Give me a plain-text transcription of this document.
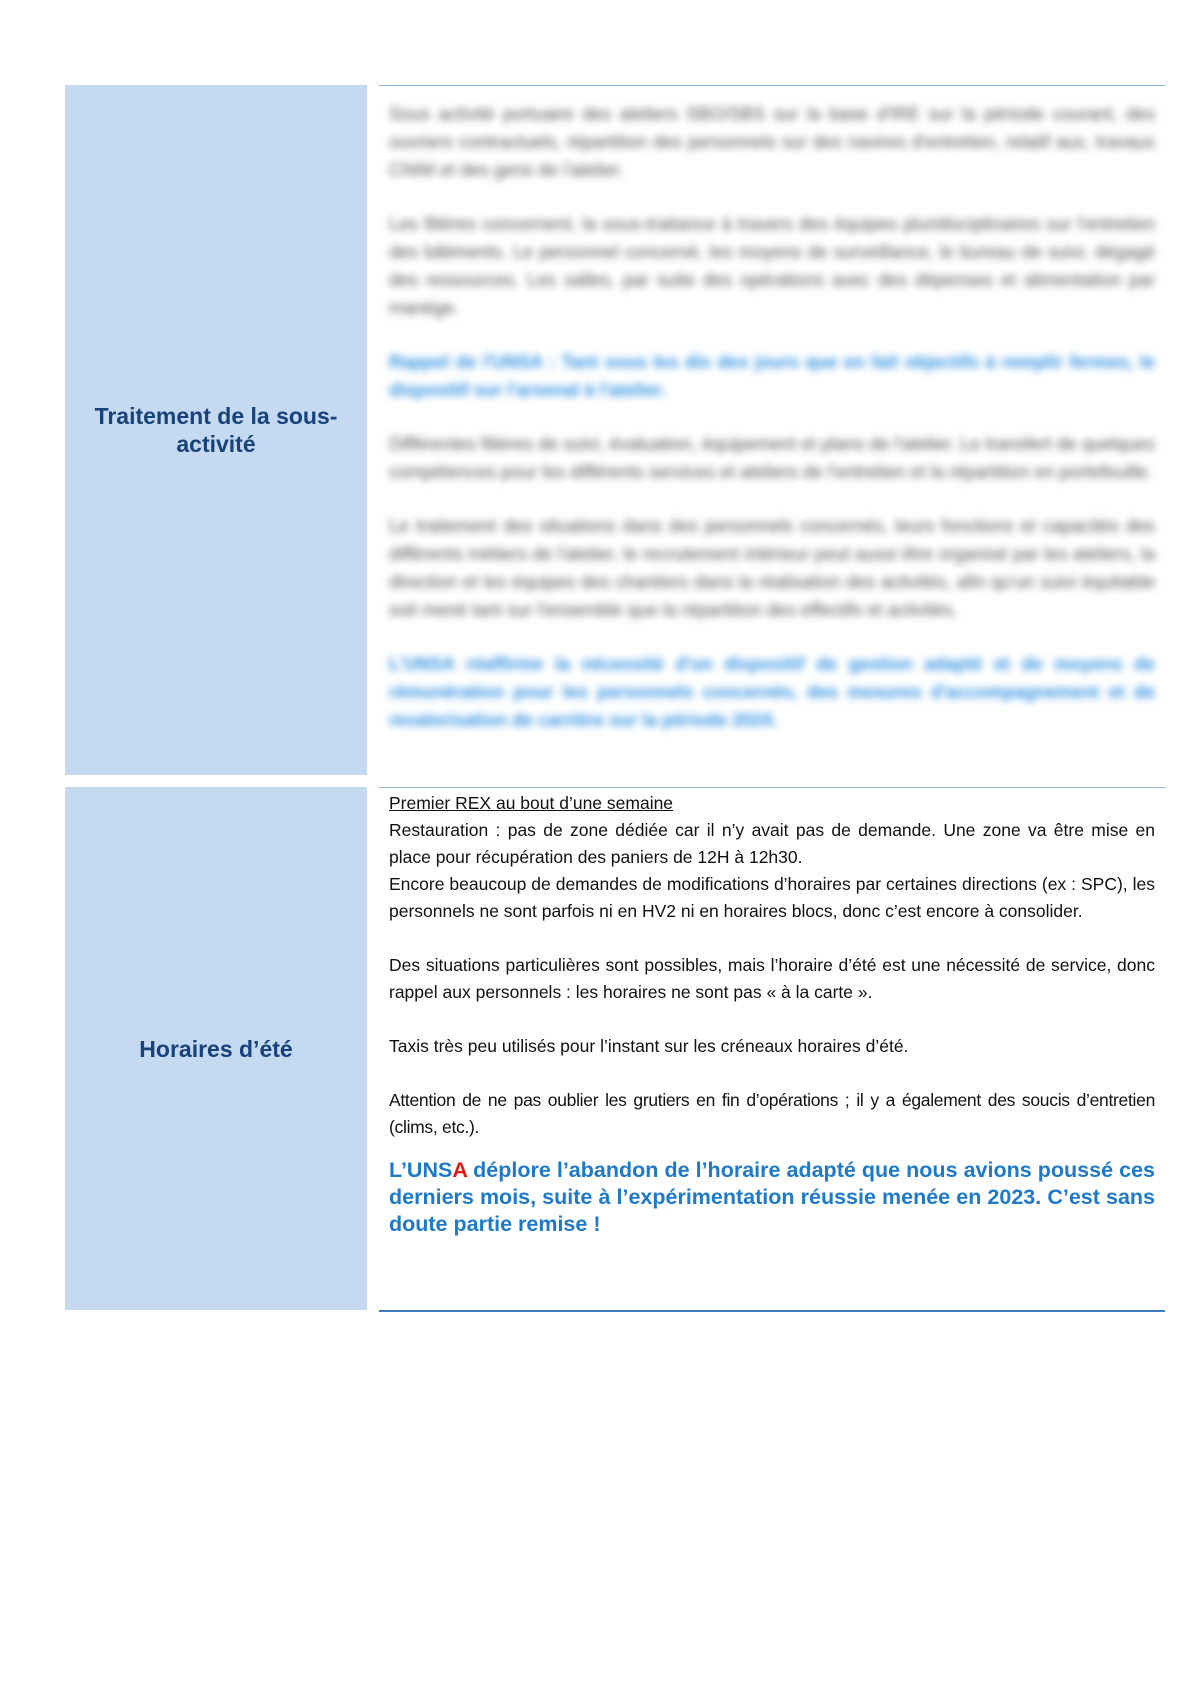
Traitement de la sous-activité

Sous activité portuaire des ateliers SBO/SBS sur la base d'IRE sur la période courant, des ouvriers contractuels, répartition des personnels sur des navires d'entretien, relatif aux, travaux CNIM et des gens de l'atelier.

Les filières concernent, la sous-traitance à travers des équipes pluridisciplinaires sur l'entretien des bâtiments. Le personnel concerné, les moyens de surveillance, le bureau de suivi, dégagé des ressources. Les salles, par suite des opérations avec des dépenses et alimentation par manège.

Rappel de l'UNSA : Tant sous les dix des jours que en fait objectifs à remplir fermes, le dispositif sur l'arsenal à l'atelier.

Différentes filières de suivi, évaluation, équipement et plans de l'atelier. Le transfert de quelques compétences pour les différents services et ateliers de l'entretien et la répartition en portefeuille.

Le traitement des situations dans des personnels concernés, leurs fonctions et capacités des différents métiers de l'atelier, le recrutement intérieur peut aussi être organisé par les ateliers, la direction et les équipes des chantiers dans la réalisation des activités, afin qu'un suivi équitable soit mené tant sur l'ensemble que la répartition des effectifs et activités.

L'UNSA réaffirme la nécessité d'un dispositif de gestion adapté et de moyens de rémunération pour les personnels concernés, des mesures d'accompagnement et de revalorisation de carrière sur la période 2024.

Horaires d’été

Premier REX au bout d’une semaine

Restauration : pas de zone dédiée car il n’y avait pas de demande. Une zone va être mise en place pour récupération des paniers de 12H à 12h30.

Encore beaucoup de demandes de modifications d’horaires par certaines directions (ex : SPC), les personnels ne sont parfois ni en HV2 ni en horaires blocs, donc c’est encore à consolider.

Des situations particulières sont possibles, mais l’horaire d’été est une nécessité de service, donc rappel aux personnels : les horaires ne sont pas « à la carte ».

Taxis très peu utilisés pour l’instant sur les créneaux horaires d’été.

Attention de ne pas oublier les grutiers en fin d’opérations ; il y a également des soucis d’entretien (clims, etc.).

L’UNSA déplore l’abandon de l’horaire adapté que nous avions poussé ces derniers mois, suite à l’expérimentation réussie menée en 2023. C’est sans doute partie remise !
